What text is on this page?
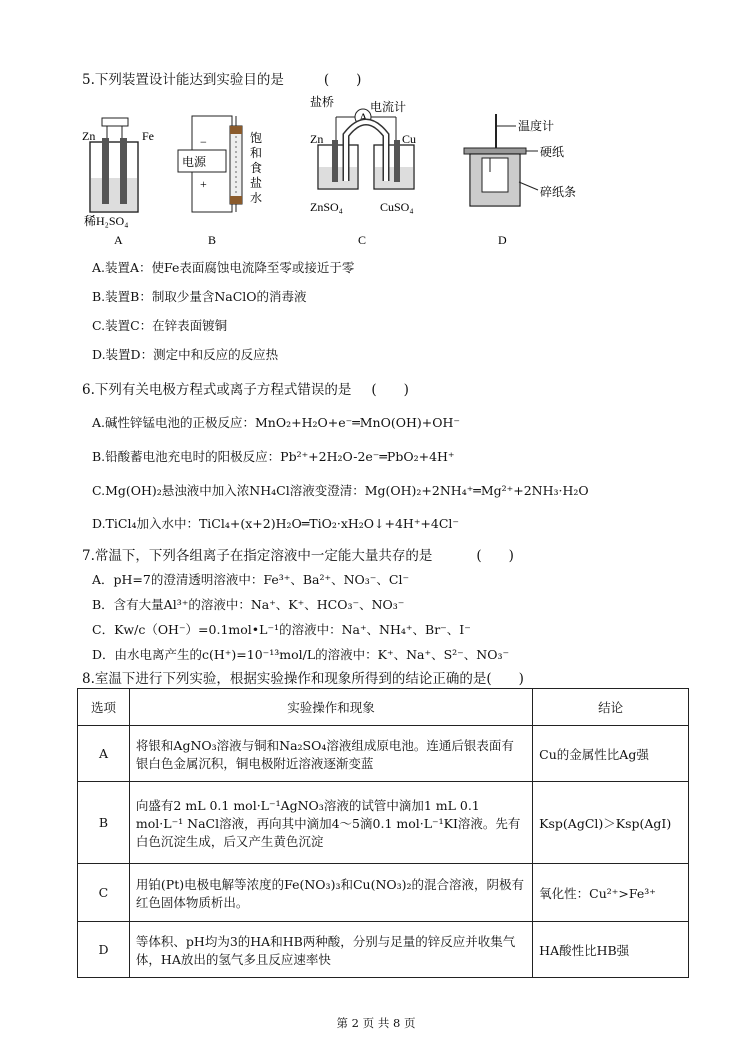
5.下列装置设计能达到实验目的是	(　　)
Zn	Fe
稀H₂SO₄
A
电源
−
+
饱和食盐水
B
盐桥	电流计
A
Zn	Cu
ZnSO₄	CuSO₄
C
温度计
硬纸
碎纸条
D
A.装置A：使Fe表面腐蚀电流降至零或接近于零
B.装置B：制取少量含NaClO的消毒液
C.装置C：在锌表面镀铜
D.装置D：测定中和反应的反应热
6.下列有关电极方程式或离子方程式错误的是 (　　)
A.碱性锌锰电池的正极反应：MnO₂+H₂O+e⁻═MnO(OH)+OH⁻
B.铅酸蓄电池充电时的阳极反应：Pb²⁺+2H₂O-2e⁻═PbO₂+4H⁺
C.Mg(OH)₂悬浊液中加入浓NH₄Cl溶液变澄清：Mg(OH)₂+2NH₄⁺═Mg²⁺+2NH₃·H₂O
D.TiCl₄加入水中：TiCl₄+(x+2)H₂O═TiO₂·xH₂O↓+4H⁺+4Cl⁻
7.常温下，下列各组离子在指定溶液中一定能大量共存的是	(　　)
A．pH=7的澄清透明溶液中：Fe³⁺、Ba²⁺、NO₃⁻、Cl⁻
B．含有大量Al³⁺的溶液中：Na⁺、K⁺、HCO₃⁻、NO₃⁻
C．Kw/c（OH⁻）=0.1mol•L⁻¹的溶液中：Na⁺、NH₄⁺、Br⁻、I⁻
D．由水电离产生的c(H⁺)=10⁻¹³mol/L的溶液中：K⁺、Na⁺、S²⁻、NO₃⁻
8.室温下进行下列实验，根据实验操作和现象所得到的结论正确的是(　　)
选项	实验操作和现象	结论
A	将银和AgNO₃溶液与铜和Na₂SO₄溶液组成原电池。连通后银表面有银白色金属沉积，铜电极附近溶液逐渐变蓝	Cu的金属性比Ag强
B	向盛有2 mL 0.1 mol·L⁻¹AgNO₃溶液的试管中滴加1 mL 0.1 mol·L⁻¹ NaCl溶液，再向其中滴加4～5滴0.1 mol·L⁻¹KI溶液。先有白色沉淀生成，后又产生黄色沉淀	Ksp(AgCl)＞Ksp(AgI)
C	用铂(Pt)电极电解等浓度的Fe(NO₃)₃和Cu(NO₃)₂的混合溶液，阴极有红色固体物质析出。	氧化性：Cu²⁺>Fe³⁺
D	等体积、pH均为3的HA和HB两种酸，分别与足量的锌反应并收集气体，HA放出的氢气多且反应速率快	HA酸性比HB强
第 2 页 共 8 页
